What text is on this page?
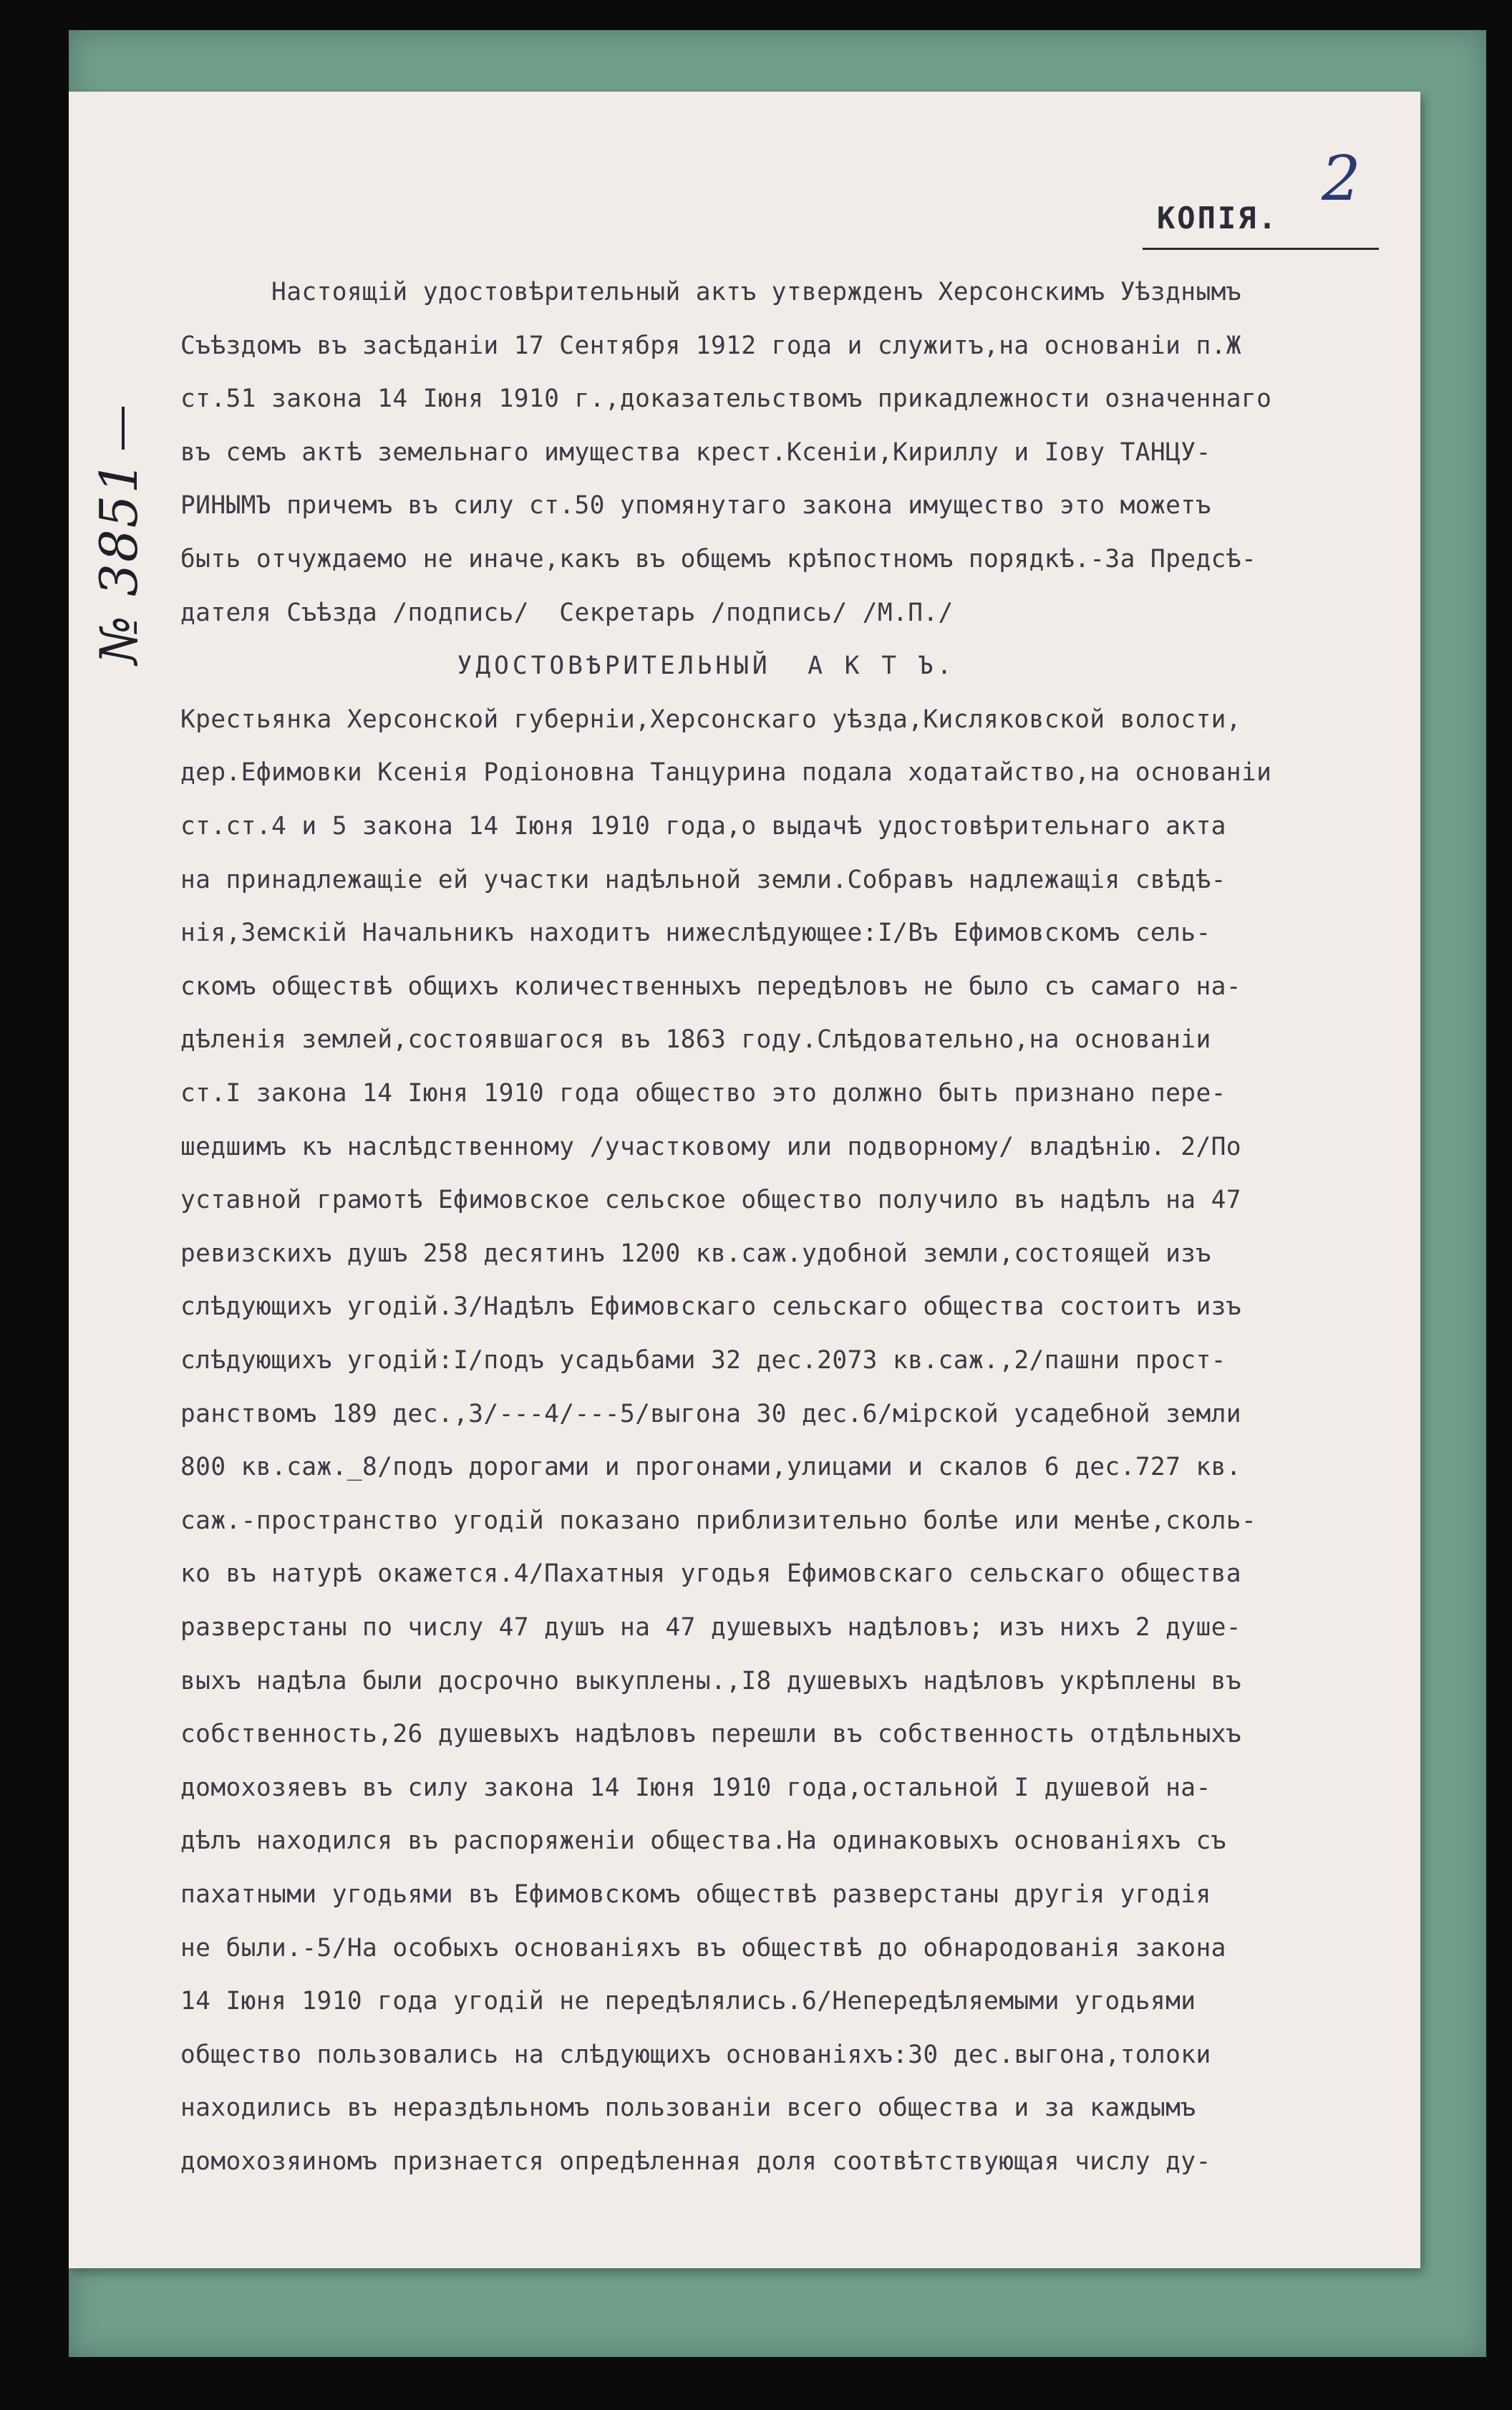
2
КОПІЯ.
№ 3851
Настоящій удостовѣрительный актъ утвержденъ Херсонскимъ Уѣзднымъ
Съѣздомъ въ засѣданіи 17 Сентября 1912 года и служитъ,на основаніи п.Ж
ст.51 закона 14 Іюня 1910 г.,доказательствомъ прикадлежности означеннаго
въ семъ актѣ земельнаго имущества крест.Ксеніи,Кириллу и Іову ТАНЦУ-
РИНЫМЪ причемъ въ силу ст.50 упомянутаго закона имущество это можетъ
быть отчуждаемо не иначе,какъ въ общемъ крѣпостномъ порядкѣ.-За Предсѣ-
дателя Съѣзда /подпись/  Секретарь /подпись/ /М.П./
УДОСТОВѢРИТЕЛЬНЫЙ  А К Т Ъ.
Крестьянка Херсонской губерніи,Херсонскаго уѣзда,Кисляковской волости,
дер.Ефимовки Ксенія Родіоновна Танцурина подала ходатайство,на основаніи
ст.ст.4 и 5 закона 14 Іюня 1910 года,о выдачѣ удостовѣрительнаго акта
на принадлежащіе ей участки надѣльной земли.Собравъ надлежащія свѣдѣ-
нія,Земскій Начальникъ находитъ нижеслѣдующее:I/Въ Ефимовскомъ сель-
скомъ обществѣ общихъ количественныхъ передѣловъ не было съ самаго на-
дѣленія землей,состоявшагося въ 1863 году.Слѣдовательно,на основаніи
ст.I закона 14 Іюня 1910 года общество это должно быть признано пере-
шедшимъ къ наслѣдственному /участковому или подворному/ владѣнію. 2/По
уставной грамотѣ Ефимовское сельское общество получило въ надѣлъ на 47
ревизскихъ душъ 258 десятинъ 1200 кв.саж.удобной земли,состоящей изъ
слѣдующихъ угодій.3/Надѣлъ Ефимовскаго сельскаго общества состоитъ изъ
слѣдующихъ угодій:I/подъ усадьбами 32 дес.2073 кв.саж.,2/пашни прост-
ранствомъ 189 дес.,3/---4/---5/выгона 30 дес.6/мірской усадебной земли
800 кв.саж._8/подъ дорогами и прогонами,улицами и скалов 6 дес.727 кв.
саж.-пространство угодій показано приблизительно болѣе или менѣе,сколь-
ко въ натурѣ окажется.4/Пахатныя угодья Ефимовскаго сельскаго общества
разверстаны по числу 47 душъ на 47 душевыхъ надѣловъ; изъ нихъ 2 душе-
выхъ надѣла были досрочно выкуплены.,I8 душевыхъ надѣловъ укрѣплены въ
собственность,26 душевыхъ надѣловъ перешли въ собственность отдѣльныхъ
домохозяевъ въ силу закона 14 Іюня 1910 года,остальной I душевой на-
дѣлъ находился въ распоряженіи общества.На одинаковыхъ основаніяхъ съ
пахатными угодьями въ Ефимовскомъ обществѣ разверстаны другія угодія
не были.-5/На особыхъ основаніяхъ въ обществѣ до обнародованія закона
14 Іюня 1910 года угодій не передѣлялись.6/Непередѣляемыми угодьями
общество пользовались на слѣдующихъ основаніяхъ:30 дес.выгона,толоки
находились въ нераздѣльномъ пользованіи всего общества и за каждымъ
домохозяиномъ признается опредѣленная доля соотвѣтствующая числу ду-
